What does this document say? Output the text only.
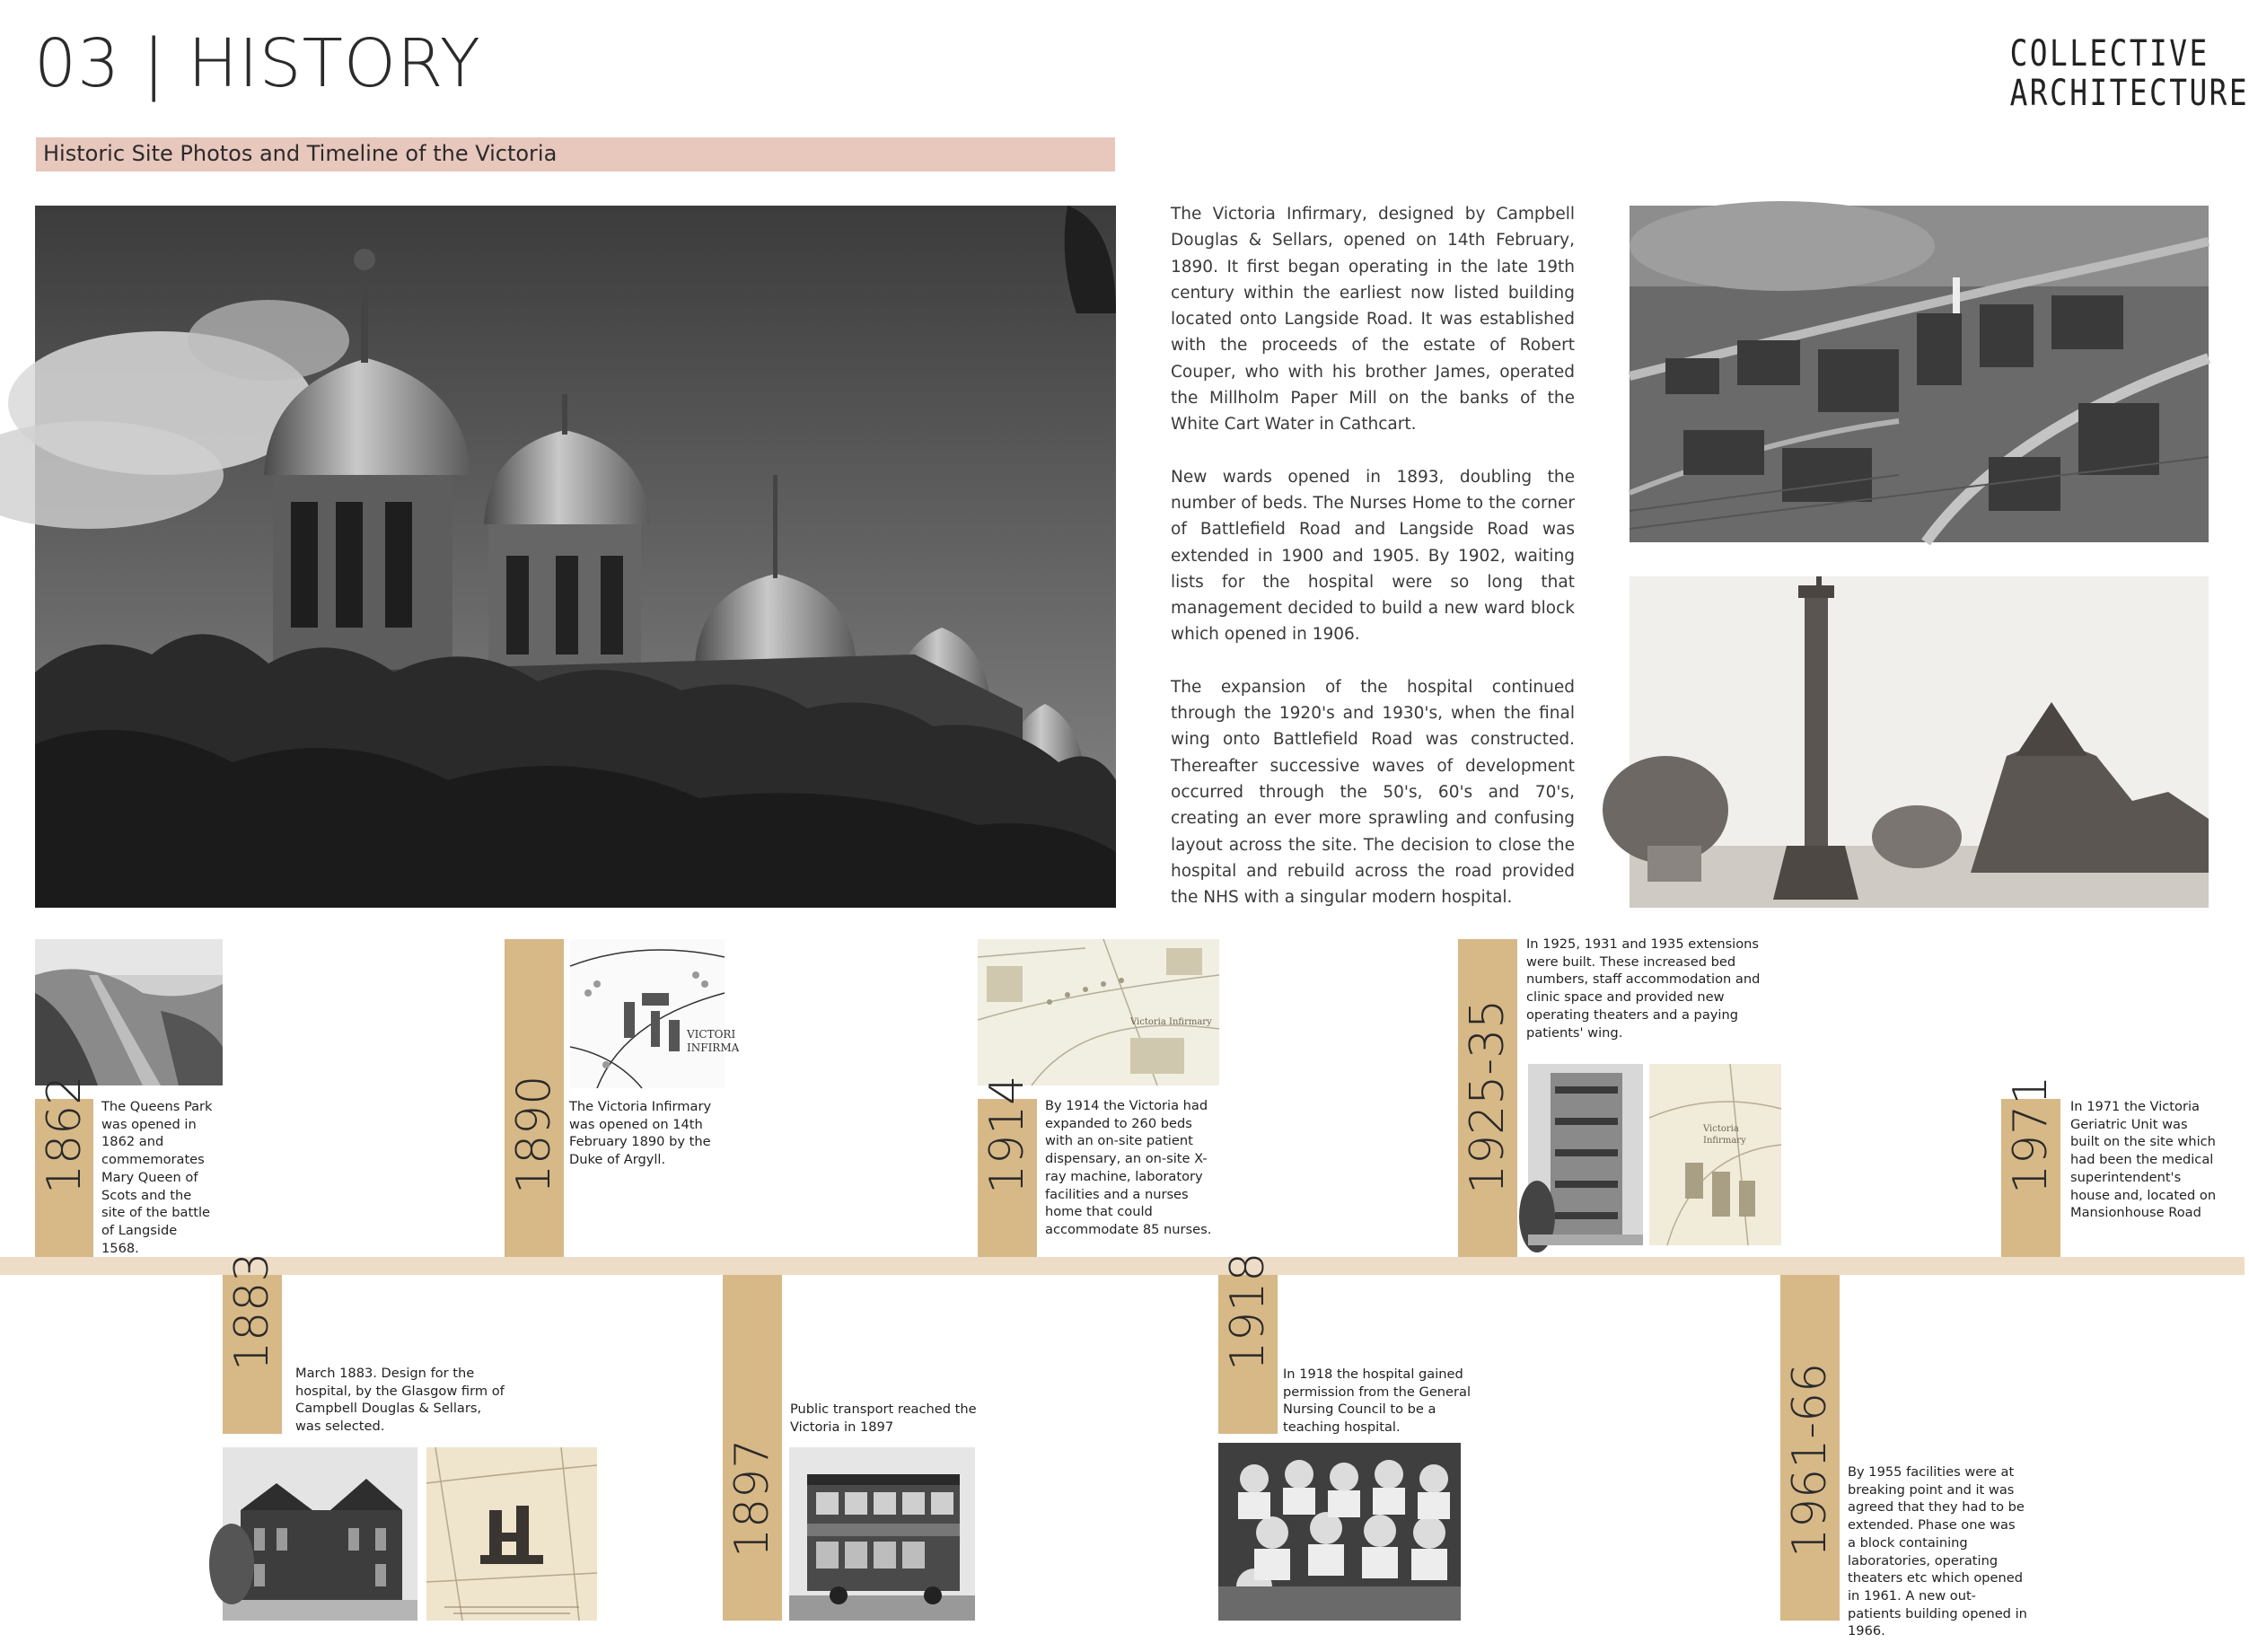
03 | HISTORY	COLLECTIVE
ARCHITECTURE
Historic Site Photos and Timeline of the Victoria

The Victoria Infirmary, designed by Campbell Douglas & Sellars, opened on 14th February, 1890. It first began operating in the late 19th century within the earliest now listed building located onto Langside Road. It was established with the proceeds of the estate of Robert Couper, who with his brother James, operated the Millholm Paper Mill on the banks of the White Cart Water in Cathcart.

New wards opened in 1893, doubling the number of beds. The Nurses Home to the corner of Battlefield Road and Langside Road was extended in 1900 and 1905. By 1902, waiting lists for the hospital were so long that management decided to build a new ward block which opened in 1906.

The expansion of the hospital continued through the 1920's and 1930's, when the final wing onto Battlefield Road was constructed. Thereafter successive waves of development occurred through the 50's, 60's and 70's, creating an ever more sprawling and confusing layout across the site. The decision to close the hospital and rebuild across the road provided the NHS with a singular modern hospital.

1862 The Queens Park was opened in 1862 and commemorates Mary Queen of Scots and the site of the battle of Langside 1568.
1883
March 1883. Design for the hospital, by the Glasgow firm of Campbell Douglas & Sellars, was selected.
1890
VICTORI
INFIRMA
The Victoria Infirmary was opened on 14th February 1890 by the Duke of Argyll.
1897
Public transport reached the Victoria in 1897
Victoria Infirmary
1914 By 1914 the Victoria had expanded to 260 beds with an on-site patient dispensary, an on-site X-ray machine, laboratory facilities and a nurses home that could accommodate 85 nurses.
1918
In 1918 the hospital gained permission from the General Nursing Council to be a teaching hospital.
1925-35
In 1925, 1931 and 1935 extensions were built. These increased bed numbers, staff accommodation and clinic space and provided new operating theaters and a paying patients' wing.
Victoria
Infirmary
1961-66 By 1955 facilities were at breaking point and it was agreed that they had to be extended. Phase one was a block containing laboratories, operating theaters etc which opened in 1961. A new out-patients building opened in 1966.
1971 In 1971 the Victoria Geriatric Unit was built on the site which had been the medical superintendent's house and, located on Mansionhouse Road
